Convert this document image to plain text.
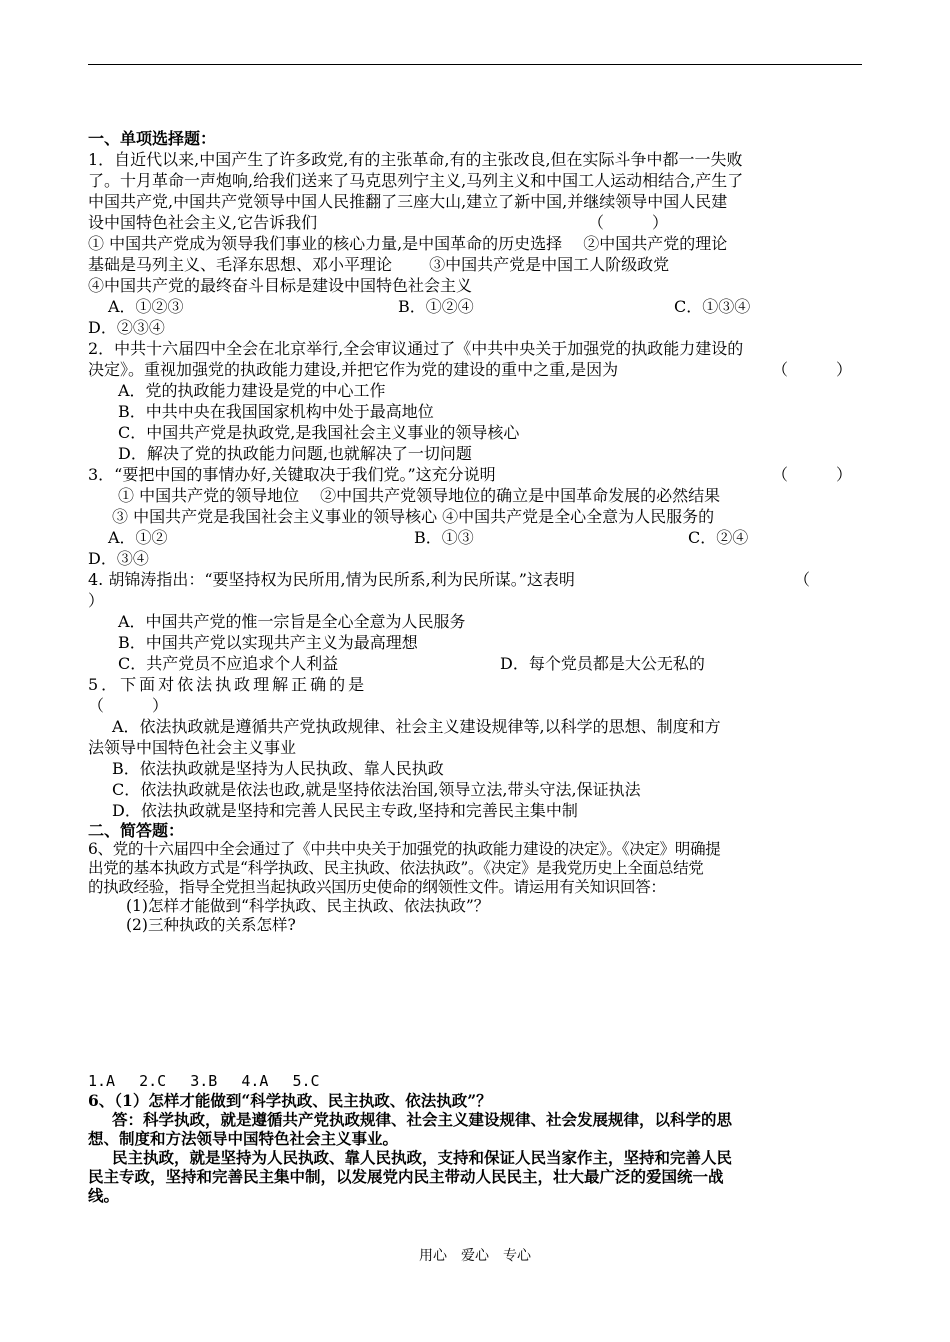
一、单项选择题：
1．自近代以来,中国产生了许多政党,有的主张革命,有的主张改良,但在实际斗争中都一一失败
了。十月革命一声炮响,给我们送来了马克思列宁主义,马列主义和中国工人运动相结合,产生了
中国共产党,中国共产党领导中国人民推翻了三座大山,建立了新中国,并继续领导中国人民建
设中国特色社会主义,它告诉我们	（　　　）
① 中国共产党成为领导我们事业的核心力量,是中国革命的历史选择　 ②中国共产党的理论
基础是马列主义、毛泽东思想、邓小平理论　　 ③中国共产党是中国工人阶级政党
④中国共产党的最终奋斗目标是建设中国特色社会主义
A．①②③	B．①②④	C．①③④
D．②③④
2．中共十六届四中全会在北京举行,全会审议通过了《中共中央关于加强党的执政能力建设的
决定》。重视加强党的执政能力建设,并把它作为党的建设的重中之重,是因为	（　　　）
A．党的执政能力建设是党的中心工作
B．中共中央在我国国家机构中处于最高地位
C．中国共产党是执政党,是我国社会主义事业的领导核心
D．解决了党的执政能力问题,也就解决了一切问题
3．“要把中国的事情办好,关键取决于我们党。”这充分说明	（　　　）
① 中国共产党的领导地位　 ②中国共产党领导地位的确立是中国革命发展的必然结果
③ 中国共产党是我国社会主义事业的领导核心 ④中国共产党是全心全意为人民服务的
A．①②	B．①③	C．②④
D．③④
4. 胡锦涛指出：“要坚持权为民所用,情为民所系,利为民所谋。”这表明	（
）
A．中国共产党的惟一宗旨是全心全意为人民服务
B．中国共产党以实现共产主义为最高理想
C．共产党员不应追求个人利益	D．每个党员都是大公无私的
5．下面对依法执政理解正确的是
（　　　）
A．依法执政就是遵循共产党执政规律、社会主义建设规律等,以科学的思想、制度和方
法领导中国特色社会主义事业
B．依法执政就是坚持为人民执政、靠人民执政
C．依法执政就是依法也政,就是坚持依法治国,领导立法,带头守法,保证执法
D．依法执政就是坚持和完善人民民主专政,坚持和完善民主集中制
二、简答题：
6、党的十六届四中全会通过了《中共中央关于加强党的执政能力建设的决定》。《决定》明确提
出党的基本执政方式是“科学执政、民主执政、依法执政”。《决定》是我党历史上全面总结党
的执政经验，指导全党担当起执政兴国历史使命的纲领性文件。请运用有关知识回答：
(1)怎样才能做到“科学执政、民主执政、依法执政”？
(2)三种执政的关系怎样?
1.A　 2.C　 3.B　 4.A　 5.C
6、（1）怎样才能做到“科学执政、民主执政、依法执政”？
答：科学执政，就是遵循共产党执政规律、社会主义建设规律、社会发展规律，以科学的思
想、制度和方法领导中国特色社会主义事业。
民主执政，就是坚持为人民执政、靠人民执政，支持和保证人民当家作主，坚持和完善人民
民主专政，坚持和完善民主集中制，以发展党内民主带动人民民主，壮大最广泛的爱国统一战
线。
用心　爱心　专心
